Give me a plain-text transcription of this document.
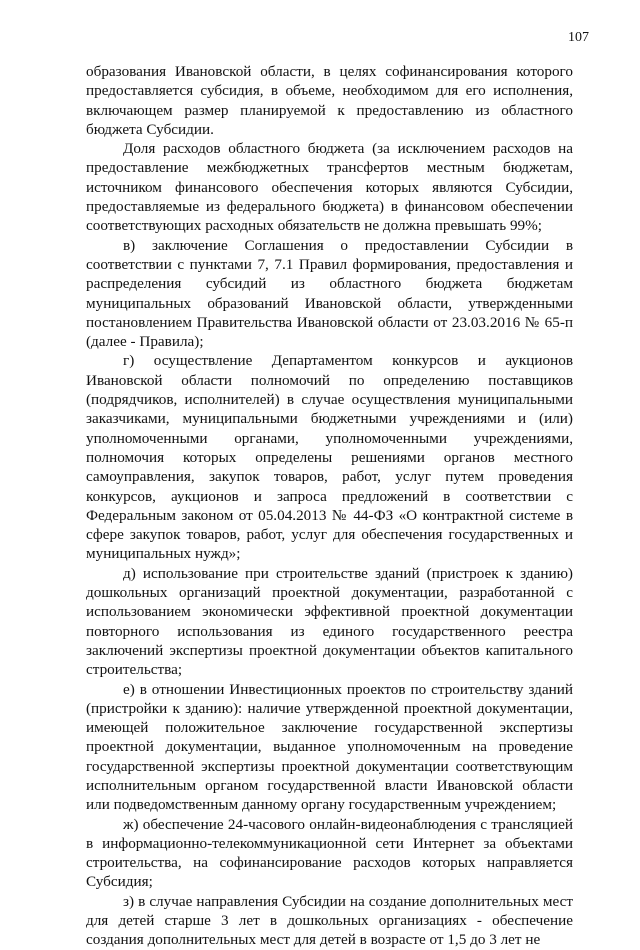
107

образования Ивановской области, в целях софинансирования которого предоставляется субсидия, в объеме, необходимом для его исполнения, включающем размер планируемой к предоставлению из областного бюджета Субсидии.

Доля расходов областного бюджета (за исключением расходов на предоставление межбюджетных трансфертов местным бюджетам, источником финансового обеспечения которых являются Субсидии, предоставляемые из федерального бюджета) в финансовом обеспечении соответствующих расходных обязательств не должна превышать 99%;

в) заключение Соглашения о предоставлении Субсидии в соответствии с пунктами 7, 7.1 Правил формирования, предоставления и распределения субсидий из областного бюджета бюджетам муниципальных образований Ивановской области, утвержденными постановлением Правительства Ивановской области от 23.03.2016 № 65-п (далее - Правила);

г) осуществление Департаментом конкурсов и аукционов Ивановской области полномочий по определению поставщиков (подрядчиков, исполнителей) в случае осуществления муниципальными заказчиками, муниципальными бюджетными учреждениями и (или) уполномоченными органами, уполномоченными учреждениями, полномочия которых определены решениями органов местного самоуправления, закупок товаров, работ, услуг путем проведения конкурсов, аукционов и запроса предложений в соответствии с Федеральным законом от 05.04.2013 № 44-ФЗ «О контрактной системе в сфере закупок товаров, работ, услуг для обеспечения государственных и муниципальных нужд»;

д) использование при строительстве зданий (пристроек к зданию) дошкольных организаций проектной документации, разработанной с использованием экономически эффективной проектной документации повторного использования из единого государственного реестра заключений экспертизы проектной документации объектов капитального строительства;

е) в отношении Инвестиционных проектов по строительству зданий (пристройки к зданию): наличие утвержденной проектной документации, имеющей положительное заключение государственной экспертизы проектной документации, выданное уполномоченным на проведение государственной экспертизы проектной документации соответствующим исполнительным органом государственной власти Ивановской области или подведомственным данному органу государственным учреждением;

ж) обеспечение 24-часового онлайн-видеонаблюдения с трансляцией в информационно-телекоммуникационной сети Интернет за объектами строительства, на софинансирование расходов которых направляется Субсидия;

з) в случае направления Субсидии на создание дополнительных мест для детей старше 3 лет в дошкольных организациях - обеспечение создания дополнительных мест для детей в возрасте от 1,5 до 3 лет не
